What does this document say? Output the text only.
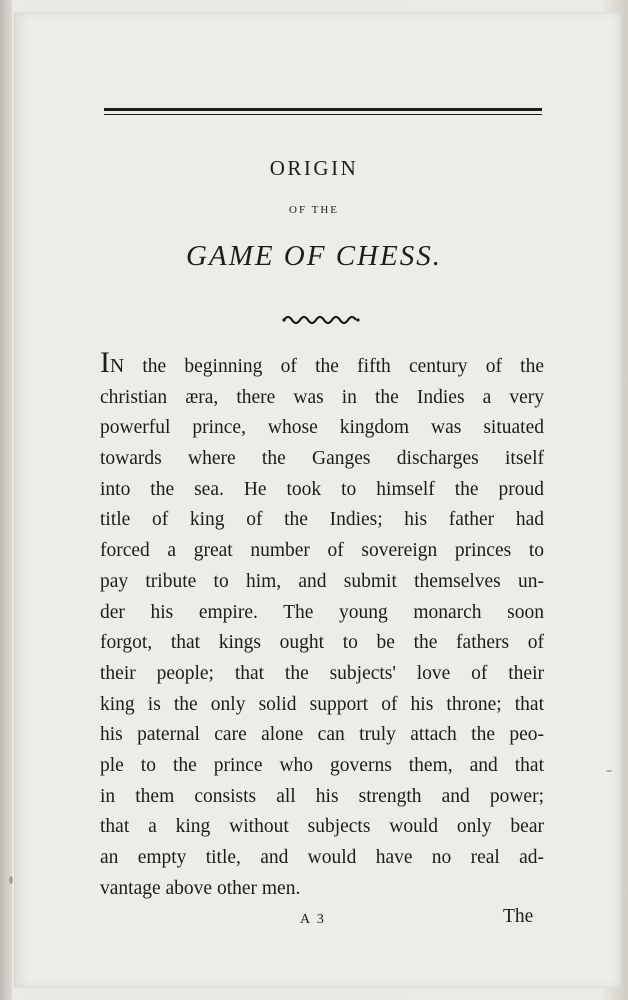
ORIGIN
OF THE
GAME OF CHESS.
IN the beginning of the fifth century of the
christian æra, there was in the Indies a very
powerful prince, whose kingdom was situated
towards where the Ganges discharges itself
into the sea. He took to himself the proud
title of king of the Indies; his father had
forced a great number of sovereign princes to
pay tribute to him, and submit themselves un-
der his empire. The young monarch soon
forgot, that kings ought to be the fathers of
their people; that the subjects' love of their
king is the only solid support of his throne; that
his paternal care alone can truly attach the peo-
ple to the prince who governs them, and that
in them consists all his strength and power;
that a king without subjects would only bear
an empty title, and would have no real ad-
vantage above other men.
A 3	The
